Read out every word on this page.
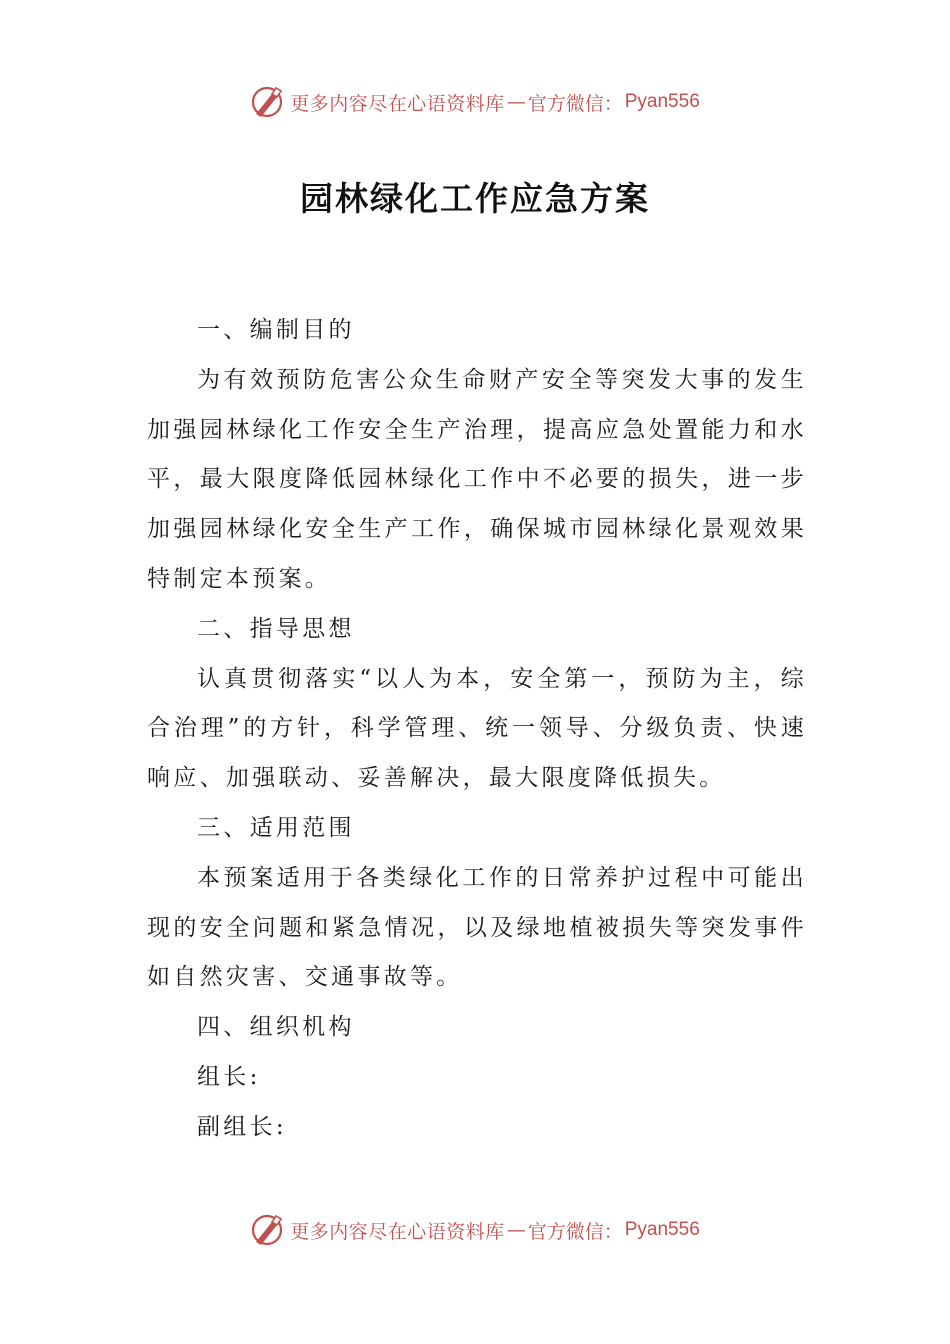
更多内容尽在心语资料库 — 官方微信： Pyan556
园林绿化工作应急方案

一、编制目的

为有效预防危害公众生命财产安全等突发大事的发生

加强园林绿化工作安全生产治理，提高应急处置能力和水

平，最大限度降低园林绿化工作中不必要的损失，进一步

加强园林绿化安全生产工作，确保城市园林绿化景观效果

特制定本预案。

二、指导思想

认真贯彻落实“以人为本，安全第一，预防为主，综

合治理”的方针，科学管理、统一领导、分级负责、快速

响应、加强联动、妥善解决，最大限度降低损失。

三、适用范围

本预案适用于各类绿化工作的日常养护过程中可能出

现的安全问题和紧急情况，以及绿地植被损失等突发事件

如自然灾害、交通事故等。

四、组织机构

组长:

副组长:

更多内容尽在心语资料库 — 官方微信： Pyan556
